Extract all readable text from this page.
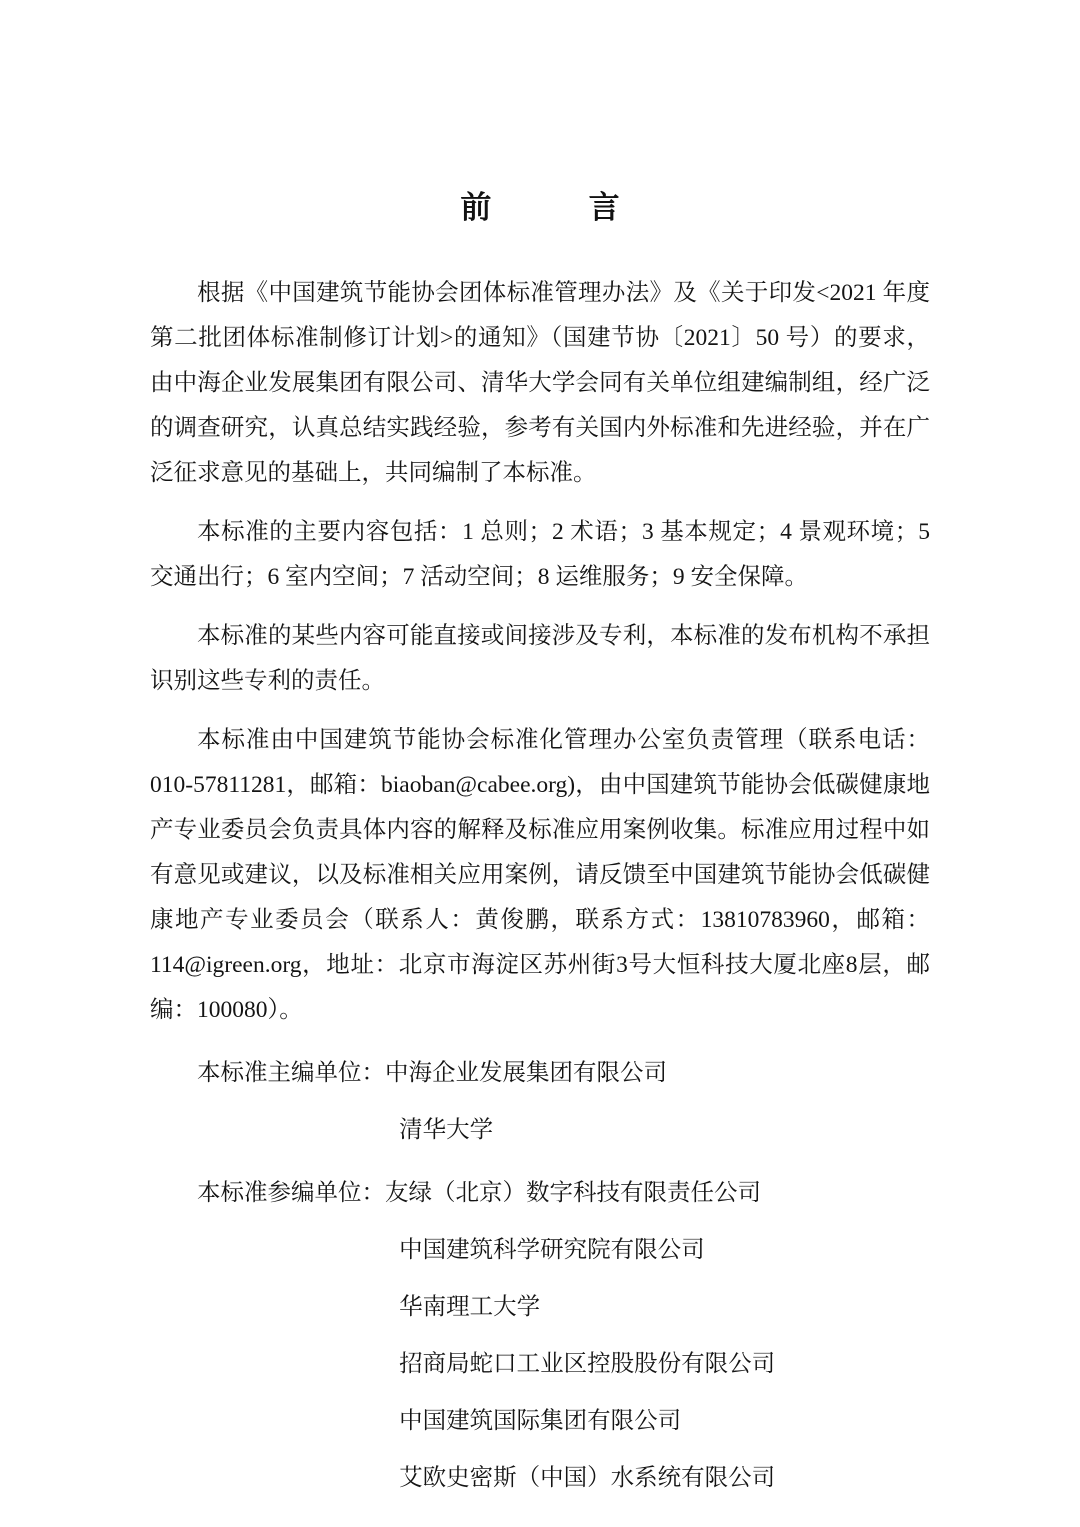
前　　言

根据《中国建筑节能协会团体标准管理办法》及《关于印发<2021 年度第二批团体标准制修订计划>的通知》（国建节协〔2021〕50 号）的要求，由中海企业发展集团有限公司、清华大学会同有关单位组建编制组，经广泛的调查研究，认真总结实践经验，参考有关国内外标准和先进经验，并在广泛征求意见的基础上，共同编制了本标准。

本标准的主要内容包括：1 总则；2 术语；3 基本规定；4 景观环境；5 交通出行；6 室内空间；7 活动空间；8 运维服务；9 安全保障。

本标准的某些内容可能直接或间接涉及专利，本标准的发布机构不承担识别这些专利的责任。

本标准由中国建筑节能协会标准化管理办公室负责管理（联系电话：010-57811281，邮箱：biaoban@cabee.org)，由中国建筑节能协会低碳健康地产专业委员会负责具体内容的解释及标准应用案例收集。标准应用过程中如有意见或建议，以及标准相关应用案例，请反馈至中国建筑节能协会低碳健康地产专业委员会（联系人：黄俊鹏，联系方式：13810783960，邮箱：114@igreen.org，地址：北京市海淀区苏州街3号大恒科技大厦北座8层，邮编：100080）。

本标准主编单位：中海企业发展集团有限公司
清华大学
本标准参编单位：友绿（北京）数字科技有限责任公司
中国建筑科学研究院有限公司
华南理工大学
招商局蛇口工业区控股股份有限公司
中国建筑国际集团有限公司
艾欧史密斯（中国）水系统有限公司
